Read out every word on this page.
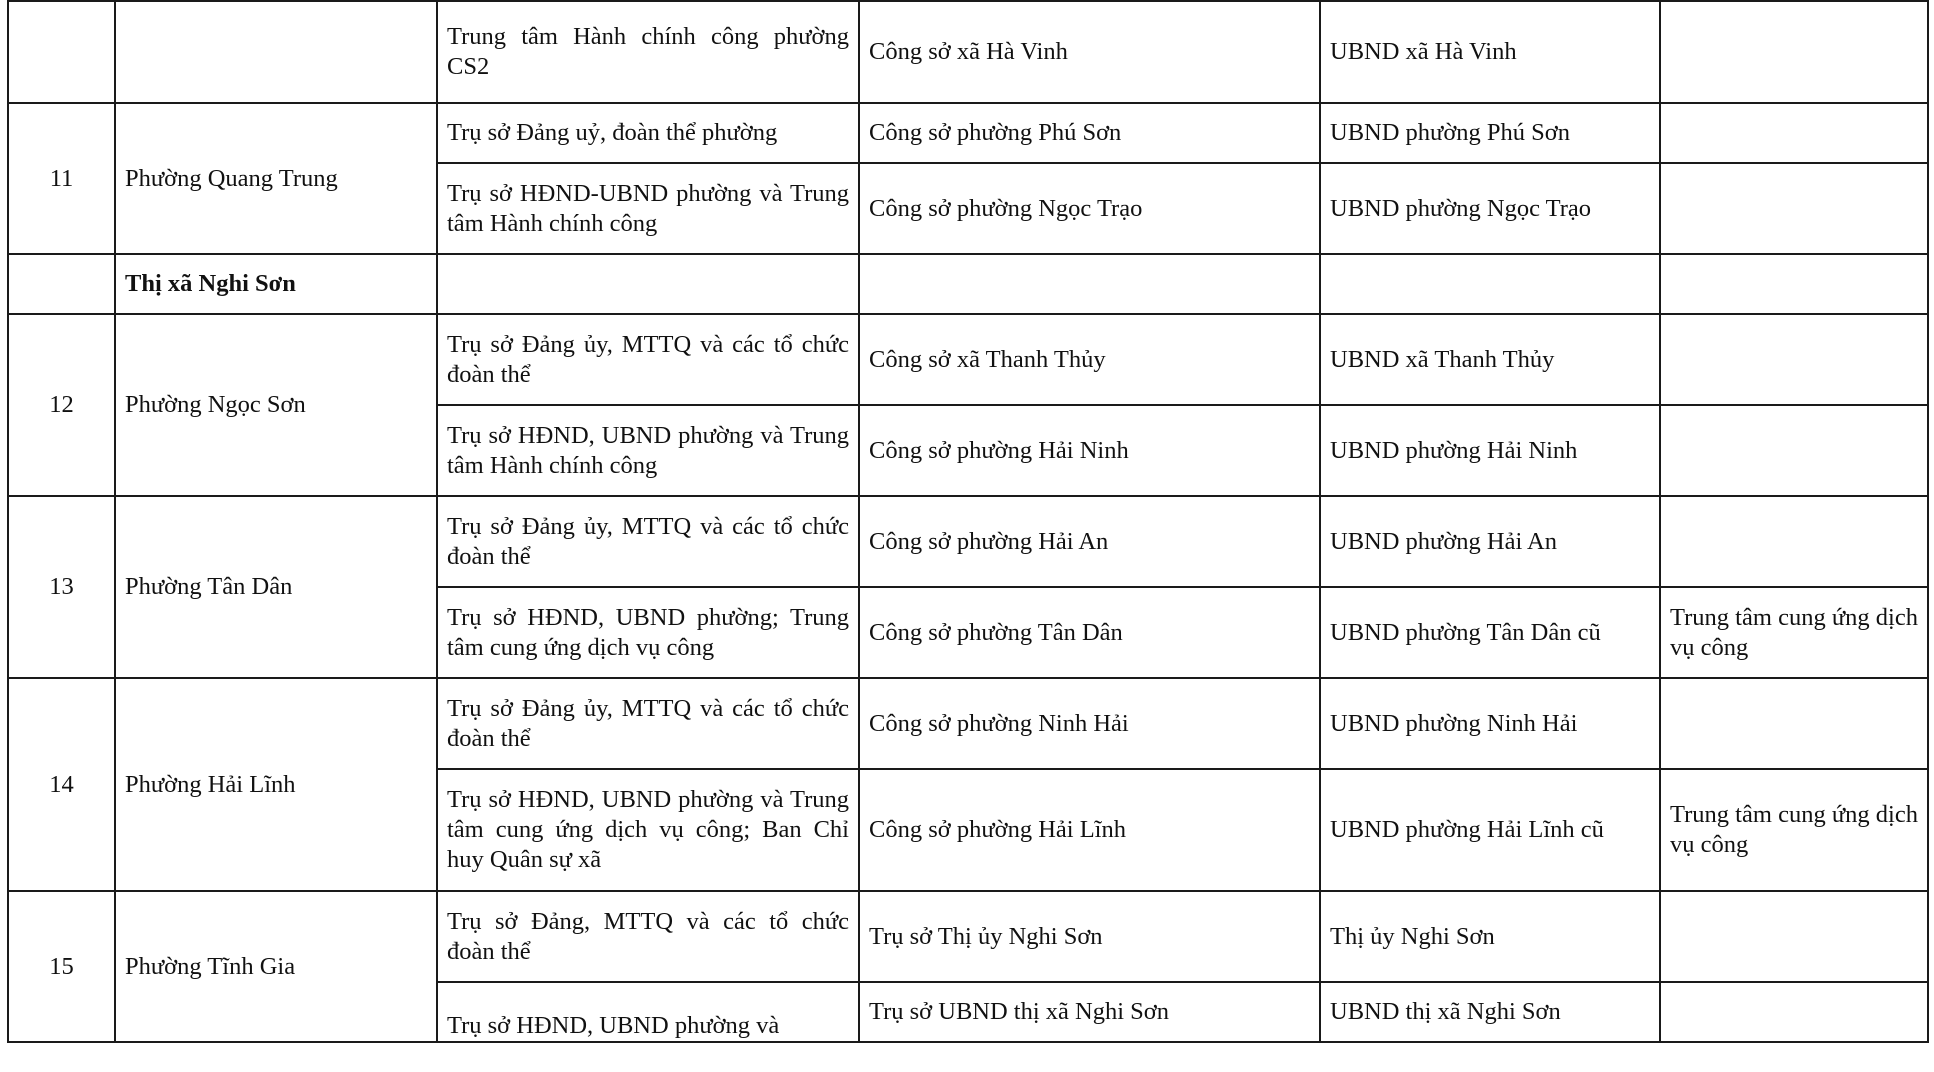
		Trung tâm Hành chính công phường CS2	Công sở xã Hà Vinh	UBND xã Hà Vinh	
11	Phường Quang Trung	Trụ sở Đảng uỷ, đoàn thể phường	Công sở phường Phú Sơn	UBND phường Phú Sơn	
		Trụ sở HĐND-UBND phường và Trung tâm Hành chính công	Công sở phường Ngọc Trạo	UBND phường Ngọc Trạo	
	Thị xã Nghi Sơn				
12	Phường Ngọc Sơn	Trụ sở Đảng ủy, MTTQ và các tổ chức đoàn thể	Công sở xã Thanh Thủy	UBND xã Thanh Thủy	
		Trụ sở HĐND, UBND phường và Trung tâm Hành chính công	Công sở phường Hải Ninh	UBND phường Hải Ninh	
13	Phường Tân Dân	Trụ sở Đảng ủy, MTTQ và các tổ chức đoàn thể	Công sở phường Hải An	UBND phường Hải An	
		Trụ sở HĐND, UBND phường; Trung tâm cung ứng dịch vụ công	Công sở phường Tân Dân	UBND phường Tân Dân cũ	Trung tâm cung ứng dịch vụ công
14	Phường Hải Lĩnh	Trụ sở Đảng ủy, MTTQ và các tổ chức đoàn thể	Công sở phường Ninh Hải	UBND phường Ninh Hải	
		Trụ sở HĐND, UBND phường và Trung tâm cung ứng dịch vụ công; Ban Chỉ huy Quân sự xã	Công sở phường Hải Lĩnh	UBND phường Hải Lĩnh cũ	Trung tâm cung ứng dịch vụ công
15	Phường Tĩnh Gia	Trụ sở Đảng, MTTQ và các tổ chức đoàn thể	Trụ sở Thị ủy Nghi Sơn	Thị ủy Nghi Sơn	
		Trụ sở HĐND, UBND phường và	Trụ sở UBND thị xã Nghi Sơn	UBND thị xã Nghi Sơn	
